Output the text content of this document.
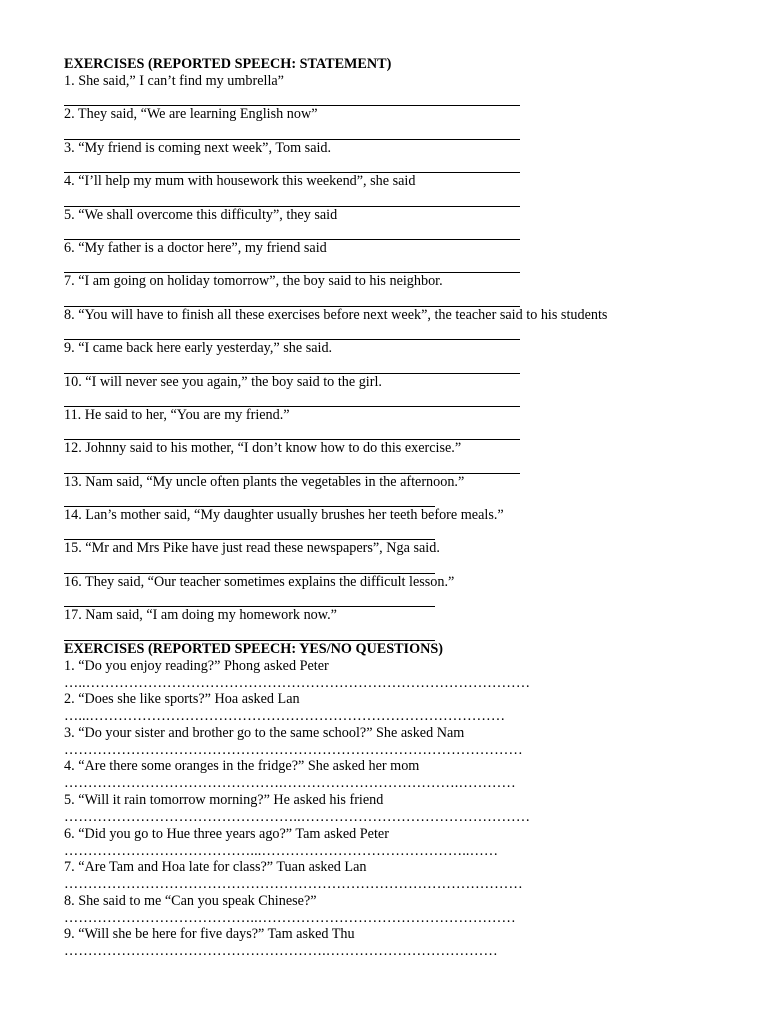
EXERCISES (REPORTED SPEECH: STATEMENT)
1. She said,” I can’t find my umbrella”
2. They said, “We are learning English now”
3. “My friend is coming next week”, Tom said.
4. “I’ll help my mum with housework this weekend”, she said
5. “We shall overcome this difficulty”, they said
6. “My father is a doctor here”, my friend said
7. “I am going on holiday tomorrow”, the boy said to his neighbor.
8. “You will have to finish all these exercises before next week”, the teacher said to his students
9. “I came back here early yesterday,” she said.
10. “I will never see you again,” the boy said to the girl.
11. He said to her, “You are my friend.”
12. Johnny said to his mother, “I don’t know how to do this exercise.”
13. Nam said, “My uncle often plants the vegetables in the afternoon.”
14. Lan’s mother said, “My daughter usually brushes her teeth before meals.”
15. “Mr and Mrs Pike have just read these newspapers”, Nga said.
16. They said, “Our teacher sometimes explains the difficult lesson.”
17. Nam said, “I am doing my homework now.”
EXERCISES (REPORTED SPEECH: YES/NO QUESTIONS)
1. “Do you enjoy reading?” Phong asked Peter
…..…………………………………………………………………………………
2. “Does she like sports?” Hoa asked Lan
…...……………………………………………………………………………
3. “Do your sister and brother go to the same school?” She asked Nam
……………………………………………………………………………………
4. “Are there some oranges in the fridge?” She asked her mom
……………………………………….……………………………….…………
5. “Will it rain tomorrow morning?” He asked his friend
…………………………………………..…………………………………………
6. “Did you go to Hue three years ago?” Tam asked Peter
…………………………………...……………………………………..……
7. “Are Tam and Hoa late for class?” Tuan asked Lan
……………………………………………………………………………………
8. She said to me “Can you speak Chinese?”
…………………………………..………………………………………………
9. “Will she be here for five days?” Tam asked Thu
……………………………………………….………………………………
